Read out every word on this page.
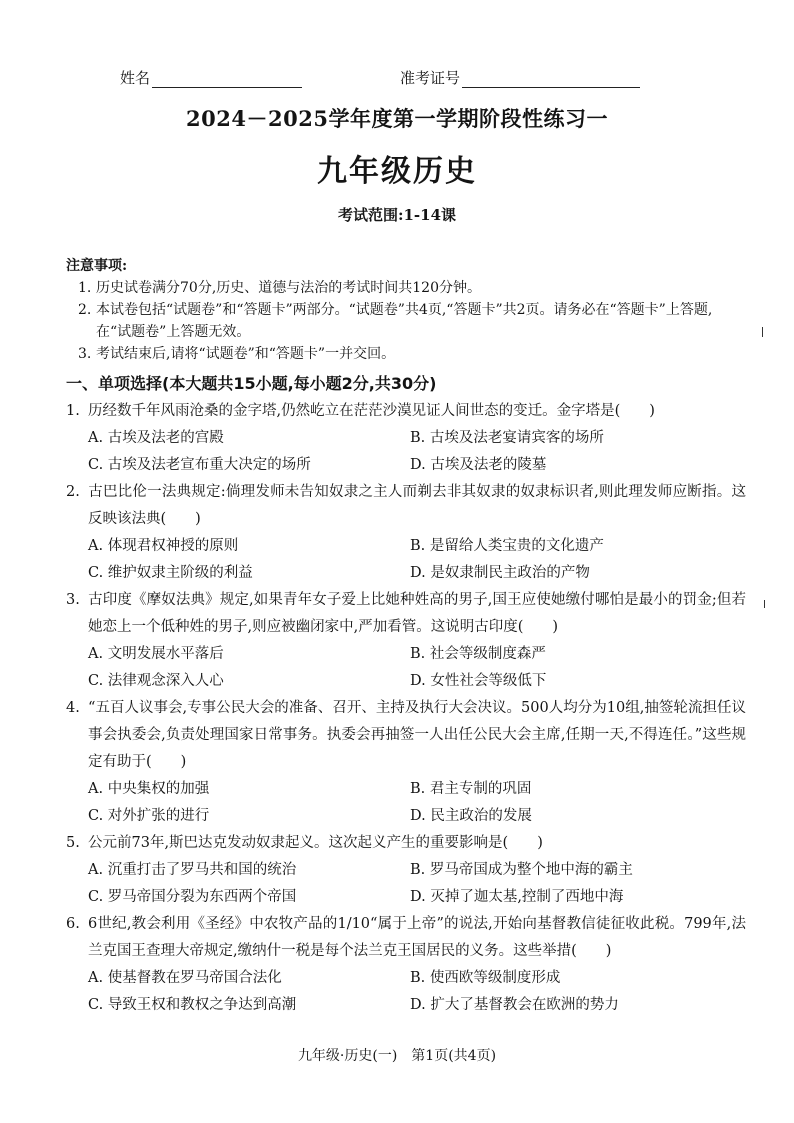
姓名	准考证号
2024－2025学年度第一学期阶段性练习一
九年级历史
考试范围:1-14课
注意事项:
1. 历史试卷满分70分,历史、道德与法治的考试时间共120分钟。
2. 本试卷包括“试题卷”和“答题卡”两部分。“试题卷”共4页,“答题卡”共2页。请务必在“答题卡”上答题,在“试题卷”上答题无效。
3. 考试结束后,请将“试题卷”和“答题卡”一并交回。
一、单项选择(本大题共15小题,每小题2分,共30分)
1. 历经数千年风雨沧桑的金字塔,仍然屹立在茫茫沙漠见证人间世态的变迁。金字塔是(　　)
A. 古埃及法老的宫殿	B. 古埃及法老宴请宾客的场所
C. 古埃及法老宣布重大决定的场所	D. 古埃及法老的陵墓
2. 古巴比伦一法典规定:倘理发师未告知奴隶之主人而剃去非其奴隶的奴隶标识者,则此理发师应断指。这反映该法典(　　)
A. 体现君权神授的原则	B. 是留给人类宝贵的文化遗产
C. 维护奴隶主阶级的利益	D. 是奴隶制民主政治的产物
3. 古印度《摩奴法典》规定,如果青年女子爱上比她种姓高的男子,国王应使她缴付哪怕是最小的罚金;但若她恋上一个低种姓的男子,则应被幽闭家中,严加看管。这说明古印度(　　)
A. 文明发展水平落后	B. 社会等级制度森严
C. 法律观念深入人心	D. 女性社会等级低下
4. “五百人议事会,专事公民大会的准备、召开、主持及执行大会决议。500人均分为10组,抽签轮流担任议事会执委会,负责处理国家日常事务。执委会再抽签一人出任公民大会主席,任期一天,不得连任。”这些规定有助于(　　)
A. 中央集权的加强	B. 君主专制的巩固
C. 对外扩张的进行	D. 民主政治的发展
5. 公元前73年,斯巴达克发动奴隶起义。这次起义产生的重要影响是(　　)
A. 沉重打击了罗马共和国的统治	B. 罗马帝国成为整个地中海的霸主
C. 罗马帝国分裂为东西两个帝国	D. 灭掉了迦太基,控制了西地中海
6. 6世纪,教会利用《圣经》中农牧产品的1/10“属于上帝”的说法,开始向基督教信徒征收此税。799年,法兰克国王查理大帝规定,缴纳什一税是每个法兰克王国居民的义务。这些举措(　　)
A. 使基督教在罗马帝国合法化	B. 使西欧等级制度形成
C. 导致王权和教权之争达到高潮	D. 扩大了基督教会在欧洲的势力
九年级·历史(一)　第1页(共4页)
